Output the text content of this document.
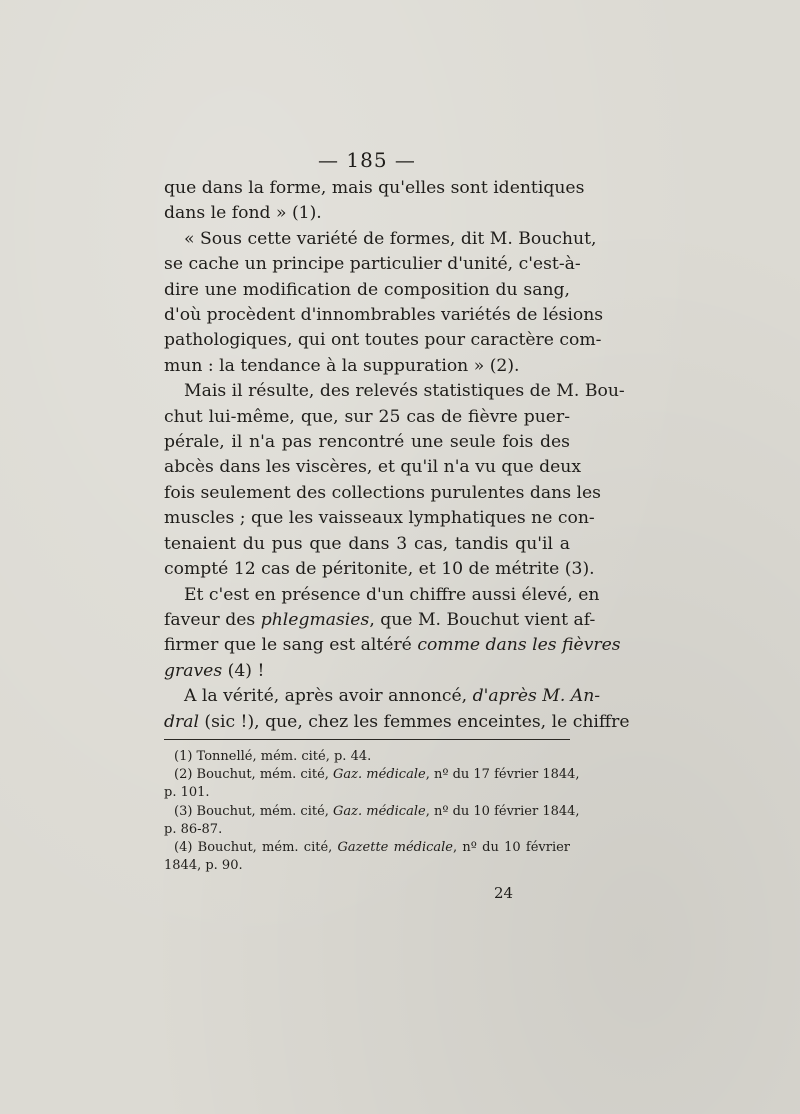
— 185 —
que dans la forme, mais qu'elles sont identiques
dans le fond » (1).
« Sous cette variété de formes, dit M. Bouchut,
se cache un principe particulier d'unité, c'est-à-
dire une modification de composition du sang,
d'où procèdent d'innombrables variétés de lésions
pathologiques, qui ont toutes pour caractère com-
mun : la tendance à la suppuration » (2).
Mais il résulte, des relevés statistiques de M. Bou-
chut lui-même, que, sur 25 cas de fièvre puer-
pérale, il n'a pas rencontré une seule fois des
abcès dans les viscères, et qu'il n'a vu que deux
fois seulement des collections purulentes dans les
muscles ; que les vaisseaux lymphatiques ne con-
tenaient du pus que dans 3 cas, tandis qu'il a
compté 12 cas de péritonite, et 10 de métrite (3).
Et c'est en présence d'un chiffre aussi élevé, en
faveur des phlegmasies, que M. Bouchut vient af-
firmer que le sang est altéré comme dans les fièvres
graves (4) !
A la vérité, après avoir annoncé, d'après M. An-
dral (sic !), que, chez les femmes enceintes, le chiffre
(1) Tonnellé, mém. cité, p. 44.
(2) Bouchut, mém. cité, Gaz. médicale, nº du 17 février 1844,
p. 101.
(3) Bouchut, mém. cité, Gaz. médicale, nº du 10 février 1844,
p. 86-87.
(4) Bouchut, mém. cité, Gazette médicale, nº du 10 février
1844, p. 90.
24
